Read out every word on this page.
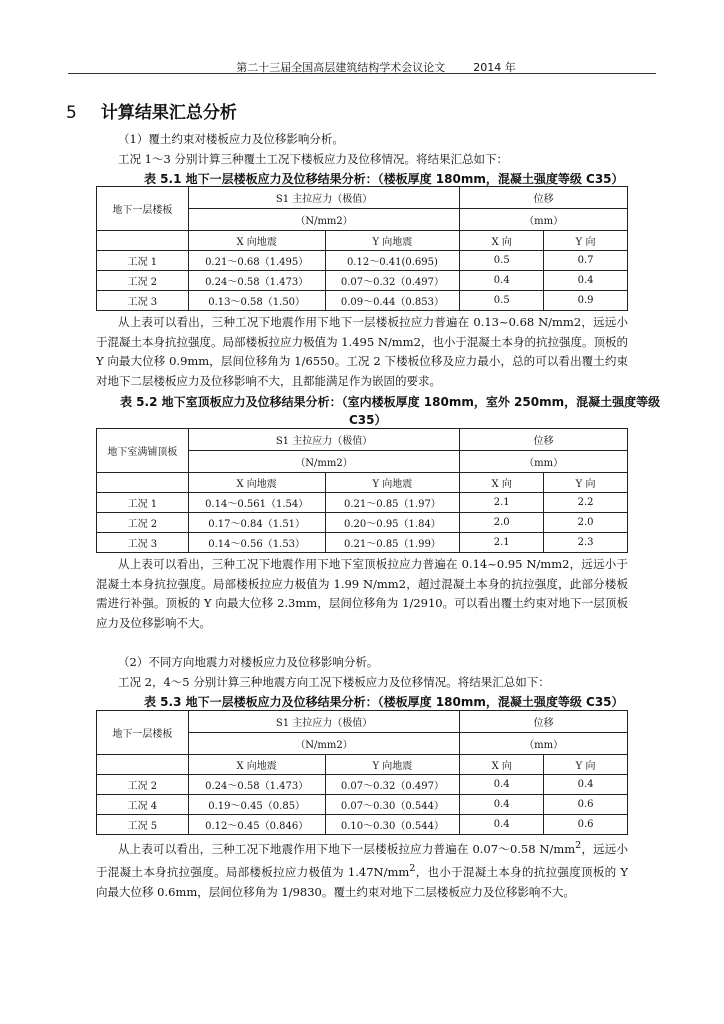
第二十三届全国高层建筑结构学术会议论文	2014 年
5 计算结果汇总分析
（1）覆土约束对楼板应力及位移影响分析。
工况 1～3 分别计算三种覆土工况下楼板应力及位移情况。将结果汇总如下：
表 5.1 地下一层楼板应力及位移结果分析：（楼板厚度 180mm，混凝土强度等级 C35）
地下一层楼板	S1 主拉应力（极值）		位移	
	（N/mm2）		（mm）	
	X 向地震	Y 向地震	X 向	Y 向
工况 1	0.21～0.68（1.495）	0.12～0.41(0.695)	0.5	0.7
工况 2	0.24～0.58（1.473）	0.07～0.32（0.497）	0.4	0.4
工况 3	0.13～0.58（1.50）	0.09～0.44（0.853）	0.5	0.9
从上表可以看出，三种工况下地震作用下地下一层楼板拉应力普遍在 0.13~0.68 N/mm2，远远小于混凝土本身抗拉强度。局部楼板拉应力极值为 1.495 N/mm2，也小于混凝土本身的抗拉强度。顶板的 Y 向最大位移 0.9mm，层间位移角为 1/6550。工况 2 下楼板位移及应力最小，总的可以看出覆土约束对地下二层楼板应力及位移影响不大，且都能满足作为嵌固的要求。
表 5.2 地下室顶板应力及位移结果分析：（室内楼板厚度 180mm，室外 250mm，混凝土强度等级
C35）
地下室满铺顶板	S1 主拉应力（极值）		位移	
	（N/mm2）		（mm）	
	X 向地震	Y 向地震	X 向	Y 向
工况 1	0.14～0.561（1.54）	0.21～0.85（1.97）	2.1	2.2
工况 2	0.17～0.84（1.51）	0.20～0.95（1.84）	2.0	2.0
工况 3	0.14～0.56（1.53）	0.21～0.85（1.99）	2.1	2.3
从上表可以看出，三种工况下地震作用下地下室顶板拉应力普遍在 0.14~0.95 N/mm2，远远小于混凝土本身抗拉强度。局部楼板拉应力极值为 1.99 N/mm2，超过混凝土本身的抗拉强度，此部分楼板需进行补强。顶板的 Y 向最大位移 2.3mm，层间位移角为 1/2910。可以看出覆土约束对地下一层顶板应力及位移影响不大。
（2）不同方向地震力对楼板应力及位移影响分析。
工况 2，4～5 分别计算三种地震方向工况下楼板应力及位移情况。将结果汇总如下：
表 5.3 地下一层楼板应力及位移结果分析：（楼板厚度 180mm，混凝土强度等级 C35）
地下一层楼板	S1 主拉应力（极值）		位移	
	（N/mm2）		（mm）	
	X 向地震	Y 向地震	X 向	Y 向
工况 2	0.24～0.58（1.473）	0.07～0.32（0.497）	0.4	0.4
工况 4	0.19～0.45（0.85）	0.07～0.30（0.544）	0.4	0.6
工况 5	0.12～0.45（0.846）	0.10～0.30（0.544）	0.4	0.6
从上表可以看出，三种工况下地震作用下地下一层楼板拉应力普遍在 0.07～0.58 $N/mm^2$，远远小于混凝土本身抗拉强度。局部楼板拉应力极值为 $1.47N/mm^2$，也小于混凝土本身的抗拉强度顶板的 Y 向最大位移 0.6mm，层间位移角为 1/9830。覆土约束对地下二层楼板应力及位移影响不大。
